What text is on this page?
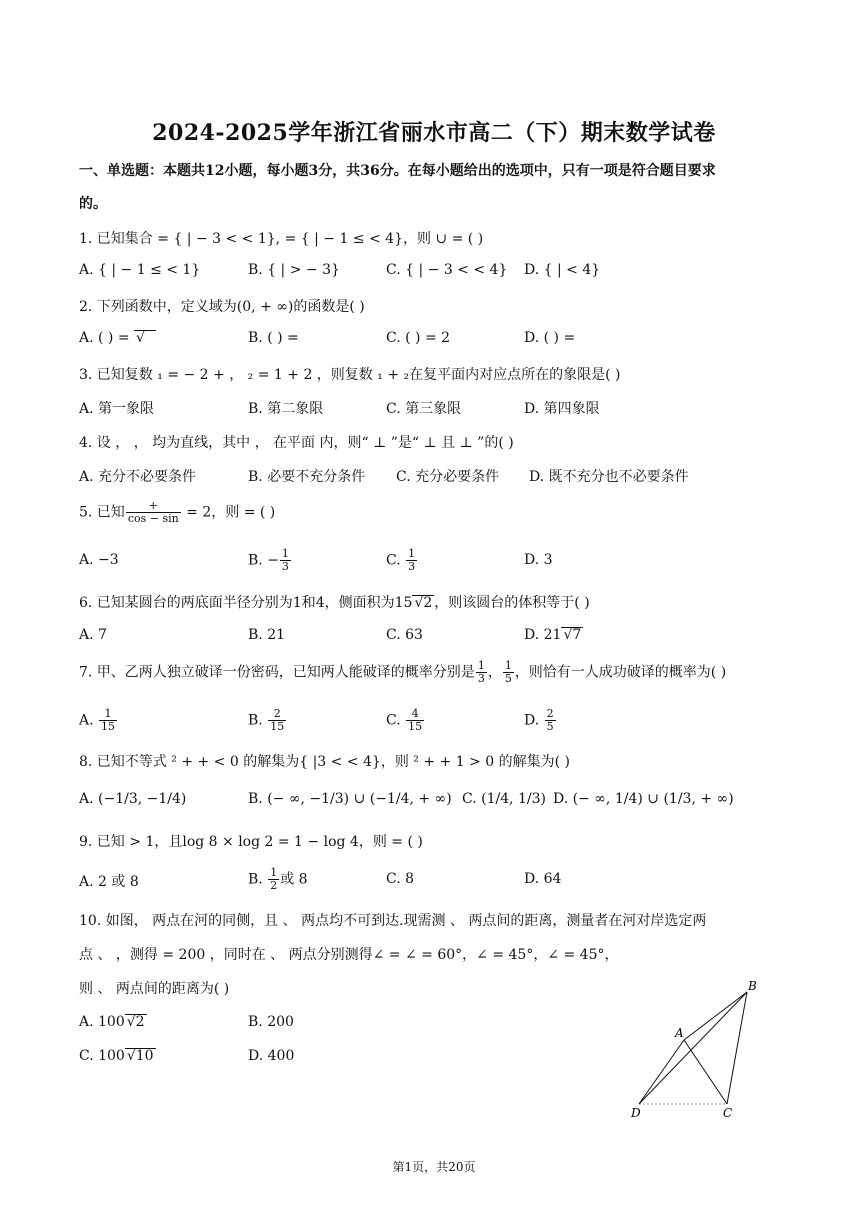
2024-2025学年浙江省丽水市高二（下）期末数学试卷
一、单选题：本题共12小题，每小题3分，共36分。在每小题给出的选项中，只有一项是符合题目要求
的。
1. 已知集合 = { | − 3 < < 1}, = { | − 1 ≤ < 4}，则 ∪ = ( )
A. { | − 1 ≤ < 1}	B. { | > − 3}	C. { | − 3 < < 4} D. { | < 4}
2. 下列函数中，定义域为(0, + ∞)的函数是( )
A. ( ) = √	B. ( ) =	C. ( ) = 2	D. ( ) =
3. 已知复数 ₁ = − 2 + ， ₂ = 1 + 2 ，则复数 ₁ + ₂在复平面内对应点所在的象限是( )
A. 第一象限	B. 第二象限	C. 第三象限	D. 第四象限
4. 设 ， ， 均为直线，其中 ， 在平面 内，则“ ⊥ ”是“ ⊥ 且 ⊥ ”的( )
A. 充分不必要条件	B. 必要不充分条件 C. 充分必要条件 D. 既不充分也不必要条件
5. 已知 $\frac{+}{\cos - \sin} = 2$，则 = ( )
A. −3	B. − $\frac{1}{3}$	C. $\frac{1}{3}$	D. 3
6. 已知某圆台的两底面半径分别为1和4，侧面积为15 √2 ，则该圆台的体积等于( )
A. 7	B. 21	C. 63	D. 21 √7
7. 甲、乙两人独立破译一份密码，已知两人能破译的概率分别是 $\frac{1}{3}$ ， $\frac{1}{5}$ ，则恰有一人成功破译的概率为( )
A. $\frac{1}{15}$	B. $\frac{2}{15}$	C. $\frac{4}{15}$	D. $\frac{2}{5}$
8. 已知不等式 ² + + < 0 的解集为{ |3 < < 4}，则 ² + + 1 > 0 的解集为( )
A. (−1/3, −1/4)	B. (− ∞, −1/3) ∪ (−1/4, + ∞) C. (1/4, 1/3) D. (− ∞, 1/4) ∪ (1/3, + ∞)
9. 已知 > 1，且log 8 × log 2 = 1 − log 4，则 = ( )
A. 2 或 8	B. $\frac{1}{2}$ 或 8	C. 8	D. 64
10. 如图， 两点在河的同侧，且 、 两点均不可到达.现需测 、 两点间的距离，测量者在河对岸选定两
点 、 ，测得 = 200 ，同时在 、 两点分别测得∠ = ∠ = 60°，∠ = 45°，∠ = 45°，
则 、 两点间的距离为( )
A. 100 √2	B. 200
C. 100 √10	D. 400
B
A
D	C
第1页，共20页
